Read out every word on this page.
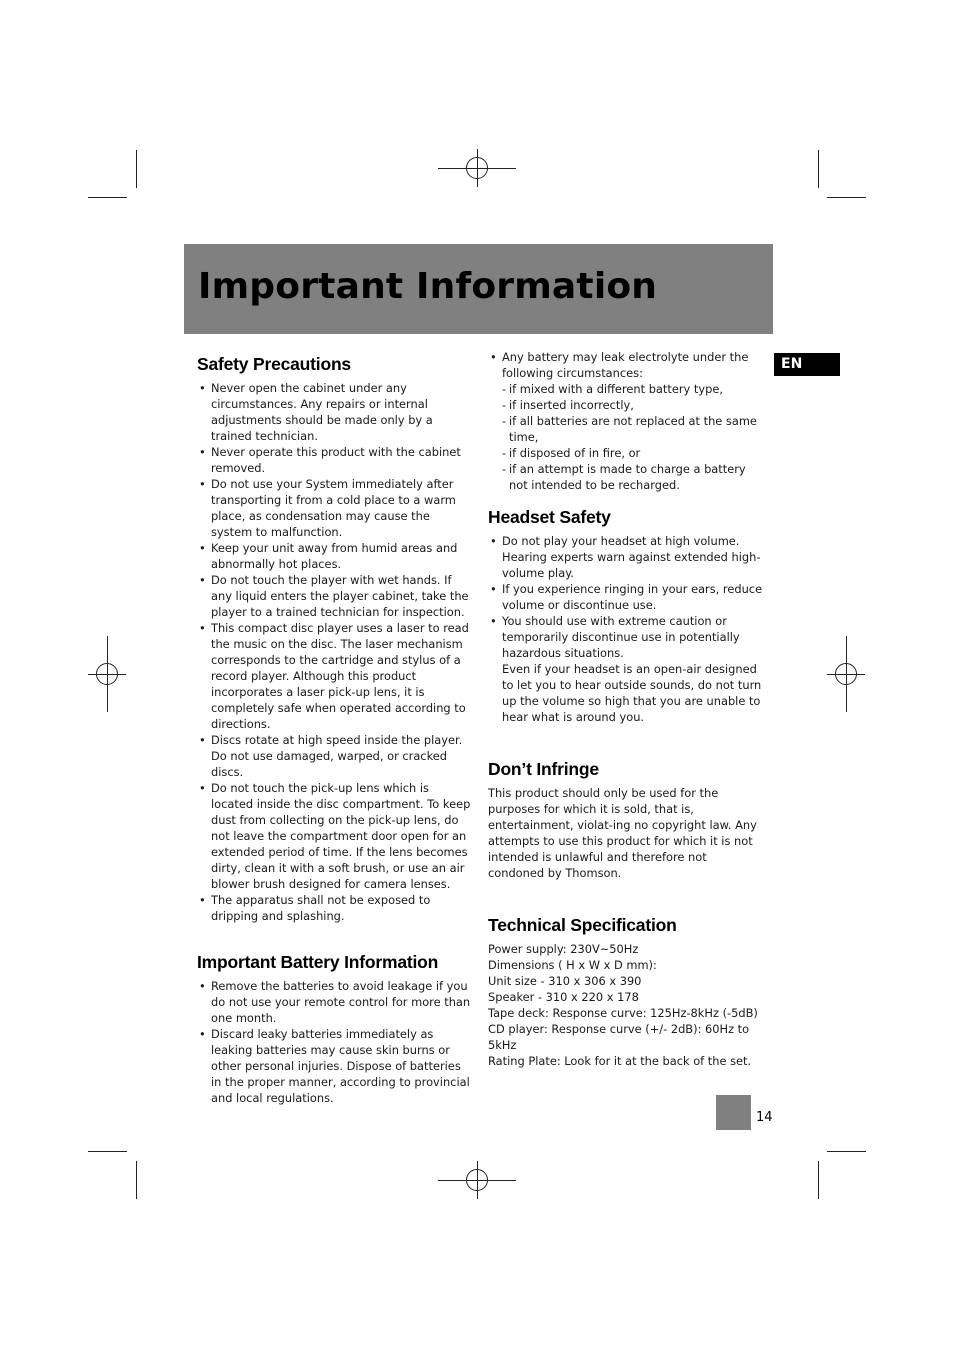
Important Information
EN
Safety Precautions
• Never open the cabinet under any circumstances. Any repairs or internal adjustments should be made only by a trained technician.
• Never operate this product with the cabinet removed.
• Do not use your System immediately after transporting it from a cold place to a warm place, as condensation may cause the system to malfunction.
• Keep your unit away from humid areas and abnormally hot places.
• Do not touch the player with wet hands. If any liquid enters the player cabinet, take the player to a trained technician for inspection.
• This compact disc player uses a laser to read the music on the disc. The laser mechanism corresponds to the cartridge and stylus of a record player. Although this product incorporates a laser pick-up lens, it is completely safe when operated according to directions.
• Discs rotate at high speed inside the player. Do not use damaged, warped, or cracked discs.
• Do not touch the pick-up lens which is located inside the disc compartment. To keep dust from collecting on the pick-up lens, do not leave the compartment door open for an extended period of time. If the lens becomes dirty, clean it with a soft brush, or use an air blower brush designed for camera lenses.
• The apparatus shall not be exposed to dripping and splashing.
Important Battery Information
• Remove the batteries to avoid leakage if you do not use your remote control for more than one month.
• Discard leaky batteries immediately as leaking batteries may cause skin burns or other personal injuries. Dispose of batteries in the proper manner, according to provincial and local regulations.
• Any battery may leak electrolyte under the following circumstances:
- if mixed with a different battery type,
- if inserted incorrectly,
- if all batteries are not replaced at the same time,
- if disposed of in fire, or
- if an attempt is made to charge a battery not intended to be recharged.
Headset Safety
• Do not play your headset at high volume. Hearing experts warn against extended high-volume play.
• If you experience ringing in your ears, reduce volume or discontinue use.
• You should use with extreme caution or temporarily discontinue use in potentially hazardous situations.
Even if your headset is an open-air designed to let you to hear outside sounds, do not turn up the volume so high that you are unable to hear what is around you.
Don’t Infringe

This product should only be used for the purposes for which it is sold, that is, entertainment, violat-ing no copyright law. Any attempts to use this product for which it is not intended is unlawful and therefore not condoned by Thomson.

Technical Specification
Power supply: 230V~50Hz
Dimensions ( H x W x D mm):
Unit size - 310 x 306 x 390
Speaker - 310 x 220 x 178
Tape deck: Response curve: 125Hz-8kHz (-5dB)
CD player: Response curve (+/- 2dB): 60Hz to 5kHz
Rating Plate: Look for it at the back of the set.
14
